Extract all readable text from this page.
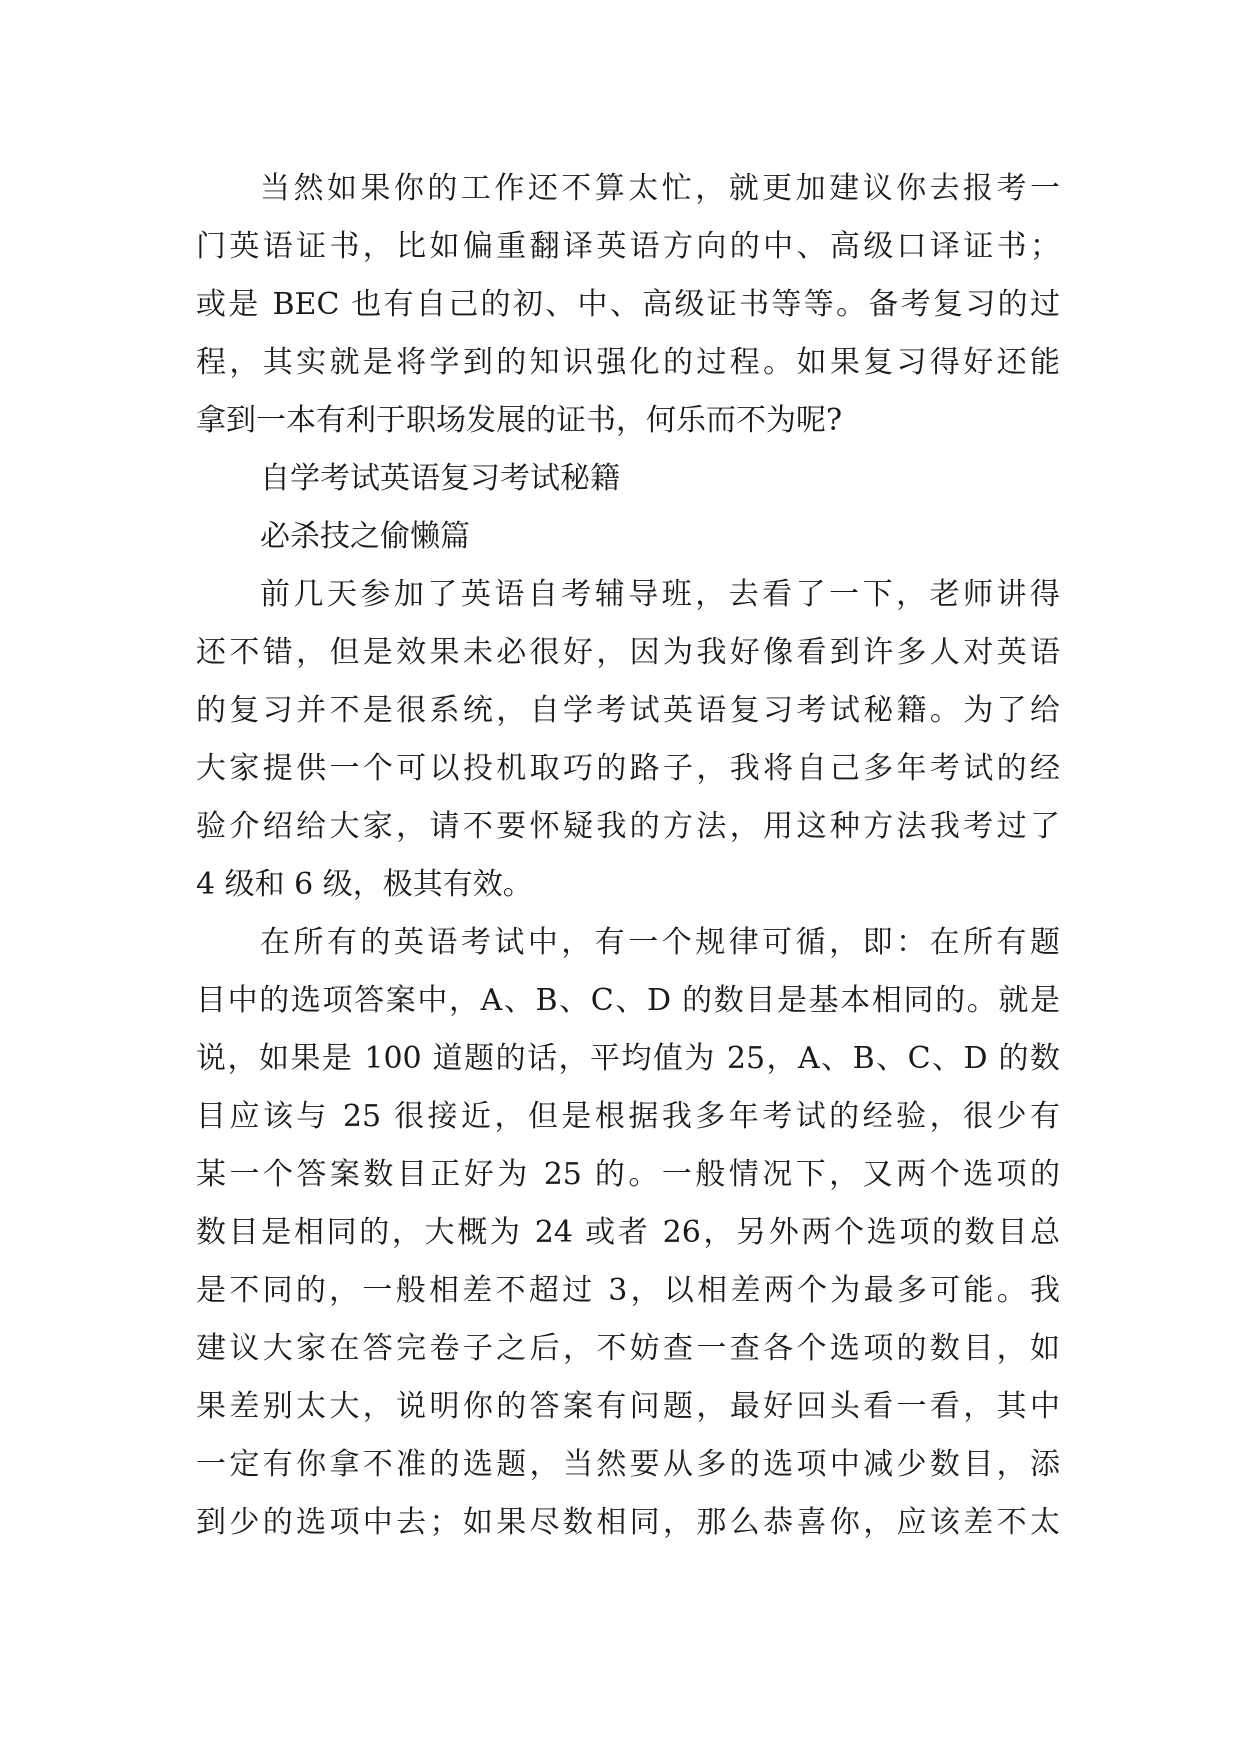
当然如果你的工作还不算太忙，就更加建议你去报考一
门英语证书，比如偏重翻译英语方向的中、高级口译证书；
或是 BEC 也有自己的初、中、高级证书等等。备考复习的过
程，其实就是将学到的知识强化的过程。如果复习得好还能
拿到一本有利于职场发展的证书，何乐而不为呢?
自学考试英语复习考试秘籍
必杀技之偷懒篇
前几天参加了英语自考辅导班，去看了一下，老师讲得
还不错，但是效果未必很好，因为我好像看到许多人对英语
的复习并不是很系统，自学考试英语复习考试秘籍。为了给
大家提供一个可以投机取巧的路子，我将自己多年考试的经
验介绍给大家，请不要怀疑我的方法，用这种方法我考过了
4 级和 6 级，极其有效。
在所有的英语考试中，有一个规律可循，即：在所有题
目中的选项答案中，A、B、C、D 的数目是基本相同的。就是
说，如果是 100 道题的话，平均值为 25，A、B、C、D 的数
目应该与 25 很接近，但是根据我多年考试的经验，很少有
某一个答案数目正好为 25 的。一般情况下，又两个选项的
数目是相同的，大概为 24 或者 26，另外两个选项的数目总
是不同的，一般相差不超过 3，以相差两个为最多可能。我
建议大家在答完卷子之后，不妨查一查各个选项的数目，如
果差别太大，说明你的答案有问题，最好回头看一看，其中
一定有你拿不准的选题，当然要从多的选项中减少数目，添
到少的选项中去；如果尽数相同，那么恭喜你，应该差不太
